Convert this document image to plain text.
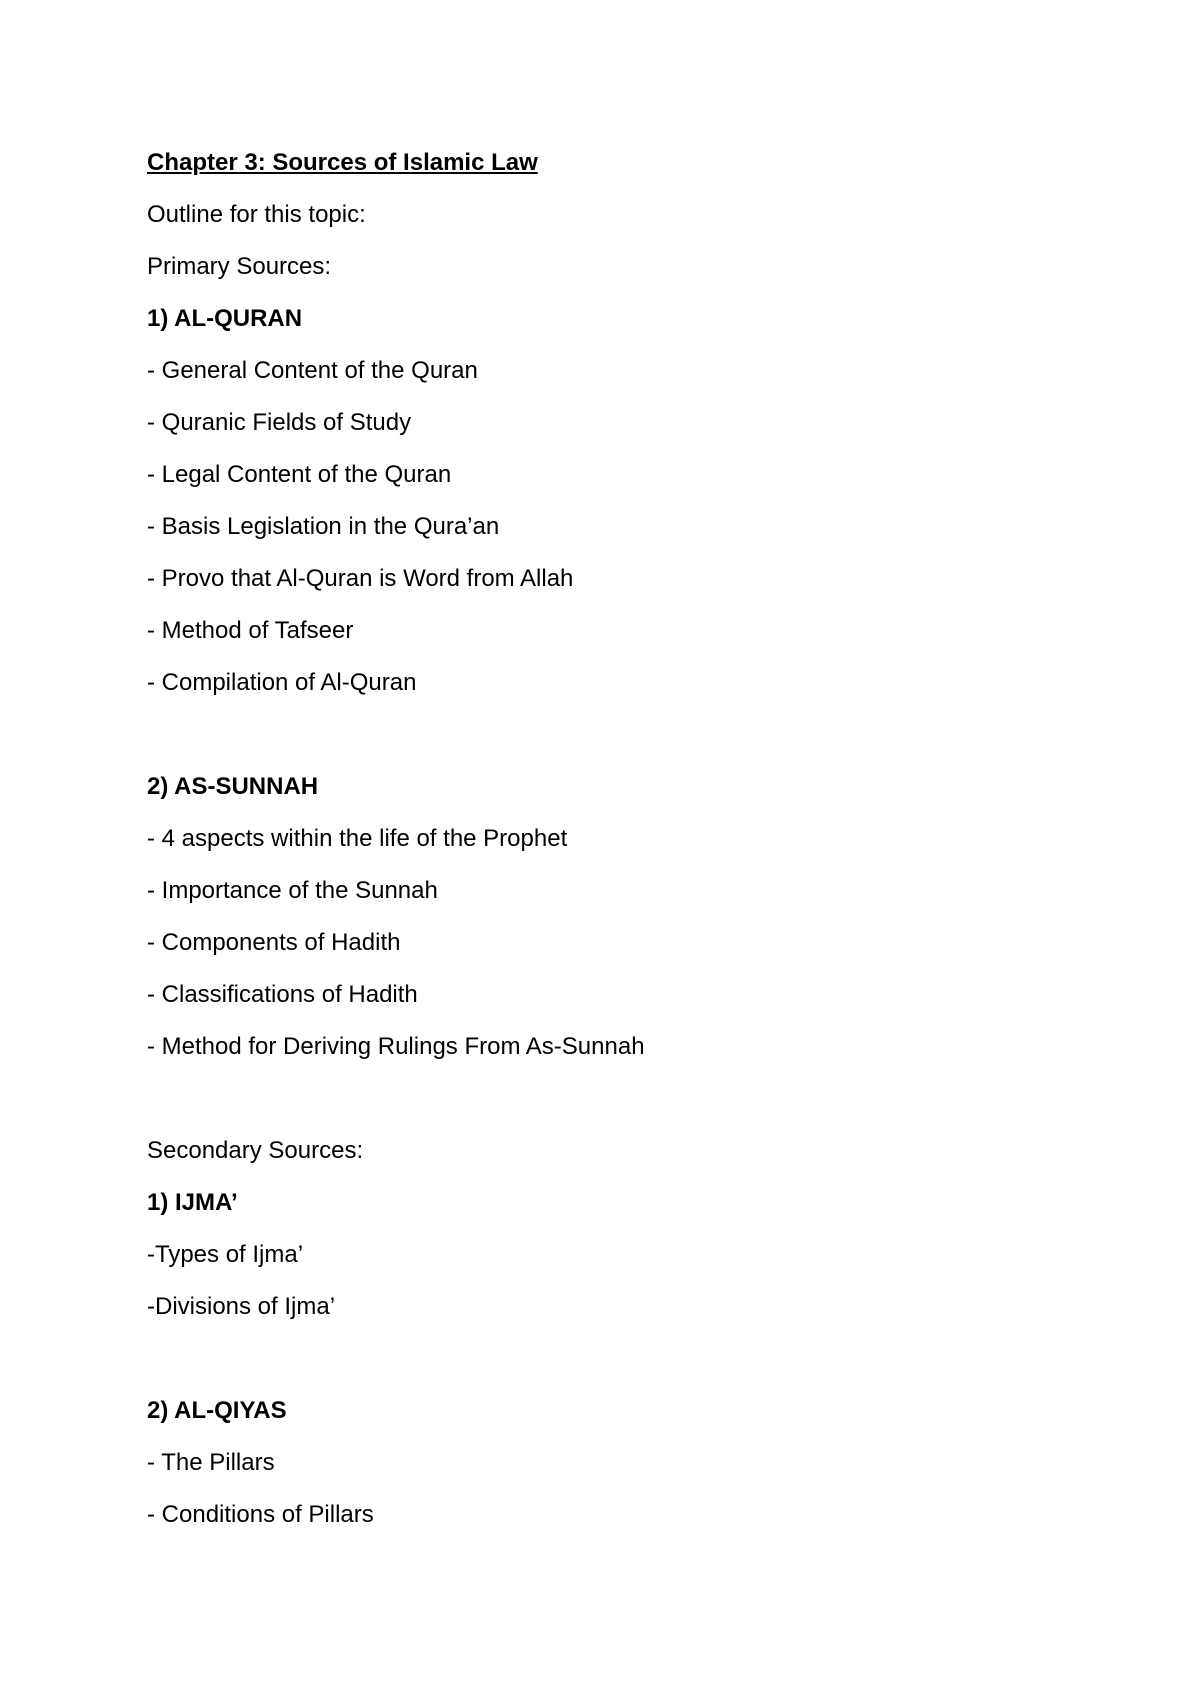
Chapter 3: Sources of Islamic Law
Outline for this topic:
Primary Sources:
1) AL-QURAN
- General Content of the Quran
- Quranic Fields of Study
- Legal Content of the Quran
- Basis Legislation in the Qura’an
- Provo that Al-Quran is Word from Allah
- Method of Tafseer
- Compilation of Al-Quran
2) AS-SUNNAH
- 4 aspects within the life of the Prophet
- Importance of the Sunnah
- Components of Hadith
- Classifications of Hadith
- Method for Deriving Rulings From As-Sunnah
Secondary Sources:
1) IJMA’
-Types of Ijma’
-Divisions of Ijma’
2) AL-QIYAS
- The Pillars
- Conditions of Pillars
